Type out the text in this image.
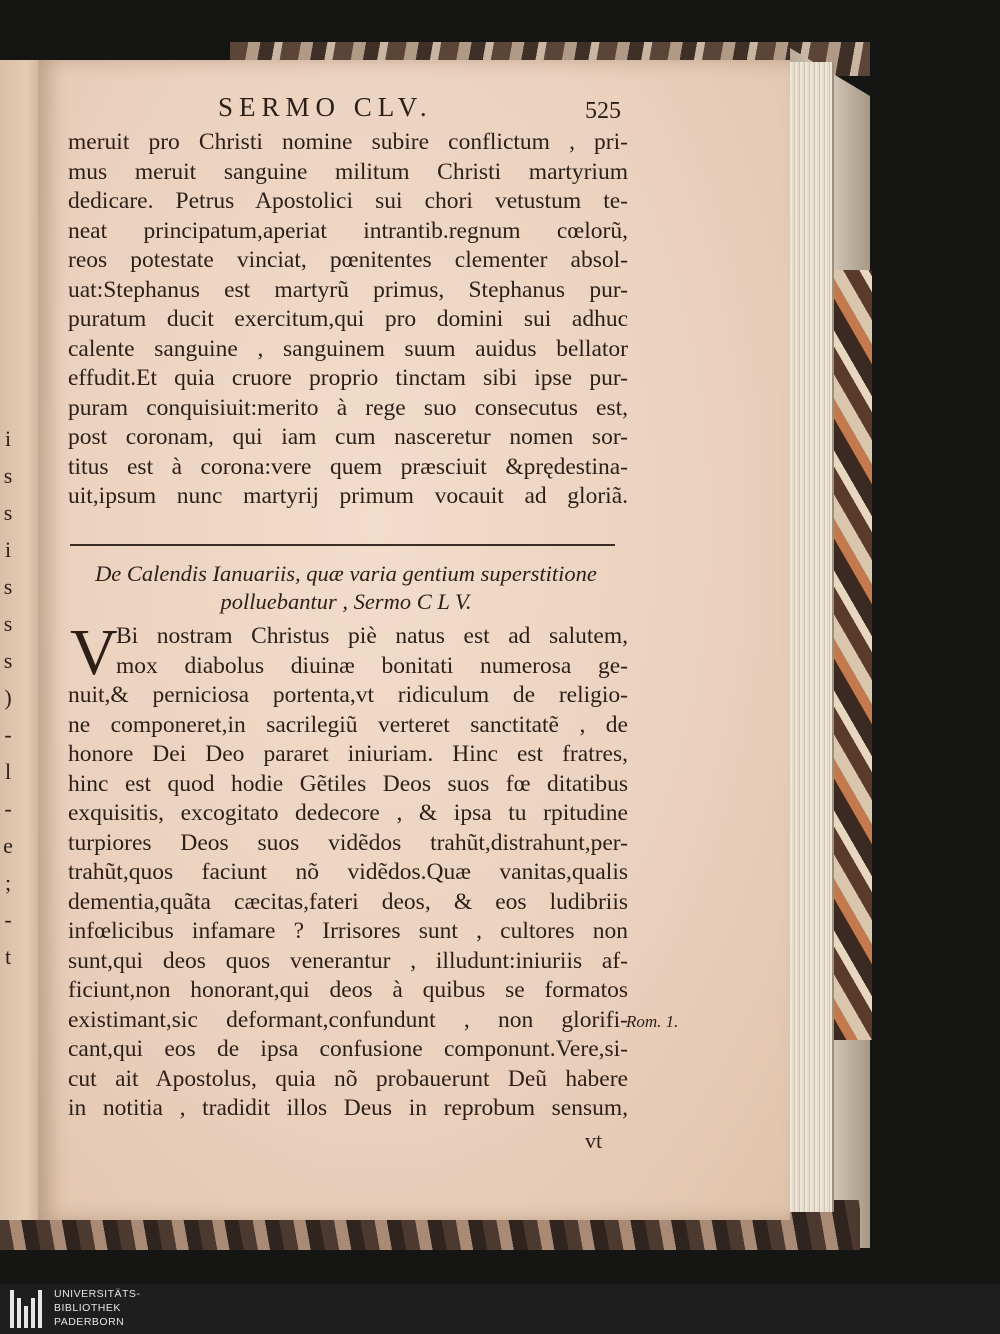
i
s
s
i
s
s
s
)
-
l
-
e
;
-
t
SERMO CLV.	525
meruit pro Christi nomine subire conflictum , pri-
mus meruit sanguine militum Christi martyrium
dedicare. Petrus Apostolici sui chori vetustum te-
neat principatum,aperiat intrantib.regnum cœlorũ,
reos potestate vinciat, pœnitentes clementer absol-
uat:Stephanus est martyrũ primus, Stephanus pur-
puratum ducit exercitum,qui pro domini sui adhuc
calente sanguine , sanguinem suum auidus bellator
effudit.Et quia cruore proprio tinctam sibi ipse pur-
puram conquisiuit:merito à rege suo consecutus est,
post coronam, qui iam cum nasceretur nomen sor-
titus est à corona:vere quem præsciuit &prędestina-
uit,ipsum nunc martyrij primum vocauit ad gloriã.
De Calendis Ianuariis, quæ varia gentium superstitione
polluebantur , Sermo C L V.
V
Bi nostram Christus piè natus est ad salutem,
mox diabolus diuinæ bonitati numerosa ge-
nuit,& perniciosa portenta,vt ridiculum de religio-
ne componeret,in sacrilegiũ verteret sanctitatẽ , de
honore Dei Deo pararet iniuriam. Hinc est fratres,
hinc est quod hodie Gẽtiles Deos suos fœ ditatibus
exquisitis, excogitato dedecore , & ipsa tu rpitudine
turpiores Deos suos vidẽdos trahũt,distrahunt,per-
trahũt,quos faciunt nõ vidẽdos.Quæ vanitas,qualis
dementia,quãta cæcitas,fateri deos, & eos ludibriis
infœlicibus infamare ? Irrisores sunt , cultores non
sunt,qui deos quos venerantur , illudunt:iniuriis af-
ficiunt,non honorant,qui deos à quibus se formatos
existimant,sic deformant,confundunt , non glorifi-
cant,qui eos de ipsa confusione componunt.Vere,si-
cut ait Apostolus, quia nõ probauerunt Deũ habere
in notitia , tradidit illos Deus in reprobum sensum,
Rom. 1.
vt
UNIVERSITÄTS-
BIBLIOTHEK
PADERBORN
